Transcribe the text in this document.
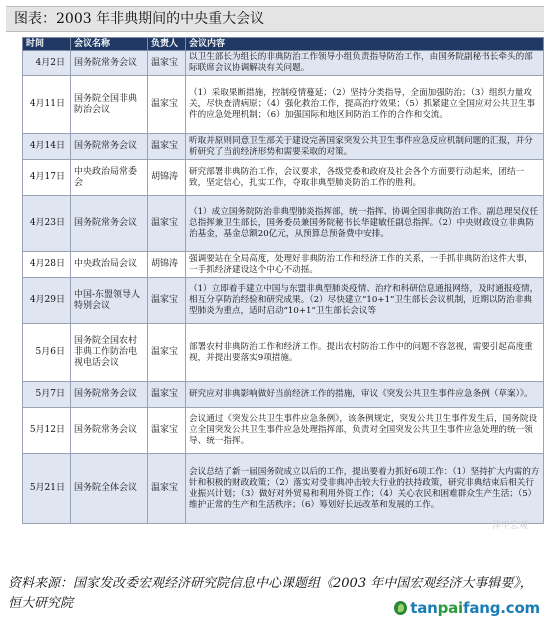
图表：2003 年非典期间的中央重大会议
时间	会议名称	负责人	会议内容
4月2日	国务院常务会议	温家宝	以卫生部长为组长的非典防治工作领导小组负责指导防治工作，由国务院副秘书长牵头的部际联席会议协调解决有关问题。
4月11日	国务院全国非典防治会议	温家宝	（1）采取果断措施，控制疫情蔓延；（2）坚持分类指导，全面加强防治；（3）组织力量攻关，尽快查清病原；（4）强化救治工作，提高治疗效果；（5）抓紧建立全国应对公共卫生事件的应急处理机制；（6）加强国际和地区间防治工作的合作和交流。
4月14日	国务院常务会议	温家宝	听取并原则同意卫生部关于建设完善国家突发公共卫生事件应急反应机制问题的汇报，并分析研究了当前经济形势和需要采取的对策。
4月17日	中央政治局常委会	胡锦涛	研究部署非典防治工作，会议要求，各级党委和政府及社会各个方面要行动起来，团结一致，坚定信心，扎实工作，夺取非典型肺炎防治工作的胜利。
4月23日	国务院常务会议	温家宝	（1）成立国务院防治非典型肺炎指挥部，统一指挥、协调全国非典防治工作。副总理吴仪任总指挥兼卫生部长，国务委员兼国务院秘书长华建敏任副总指挥。（2）中央财政设立非典防治基金，基金总额20亿元，从预算总预备费中安排。
4月28日	中央政治局会议	胡锦涛	强调要站在全局高度，处理好非典防治工作和经济工作的关系，一手抓非典防治这件大事，一手抓经济建设这个中心不动摇。
4月29日	中国-东盟领导人特别会议	温家宝	（1）立即着手建立中国与东盟非典型肺炎疫情、治疗和科研信息通报网络，及时通报疫情，相互分享防治经验和研究成果。（2）尽快建立“10+1”卫生部长会议机制，近期以防治非典型肺炎为重点，适时启动“10+1”卫生部长会议等
5月6日	国务院全国农村非典工作防治电视电话会议	温家宝	部署农村非典防治工作和经济工作。提出农村防治工作中的问题不容忽视，需要引起高度重视，并提出要落实9项措施。
5月7日	国务院常务会议	温家宝	研究应对非典影响做好当前经济工作的措施，审议《突发公共卫生事件应急条例（草案）》。
5月12日	国务院常务会议	温家宝	会议通过《突发公共卫生事件应急条例》，该条例规定，突发公共卫生事件发生后，国务院设立全国突发公共卫生事件应急处理指挥部，负责对全国突发公共卫生事件应急处理的统一领导、统一指挥。
5月21日	国务院全体会议	温家宝	会议总结了新一届国务院成立以后的工作，提出要着力抓好6项工作：（1）坚持扩大内需的方针和积极的财政政策；（2）落实对受非典冲击较大行业的扶持政策，研究非典结束后相关行业振兴计划；（3）做好对外贸易和利用外资工作；（4）关心农民和困难群众生产生活；（5）维护正常的生产和生活秩序；（6）筹划好长远改革和发展的工作。
泽平宏观
资料来源：国家发改委宏观经济研究院信息中心课题组《2003 年中国宏观经济大事辑要》，恒大研究院	tanpaifang.com
